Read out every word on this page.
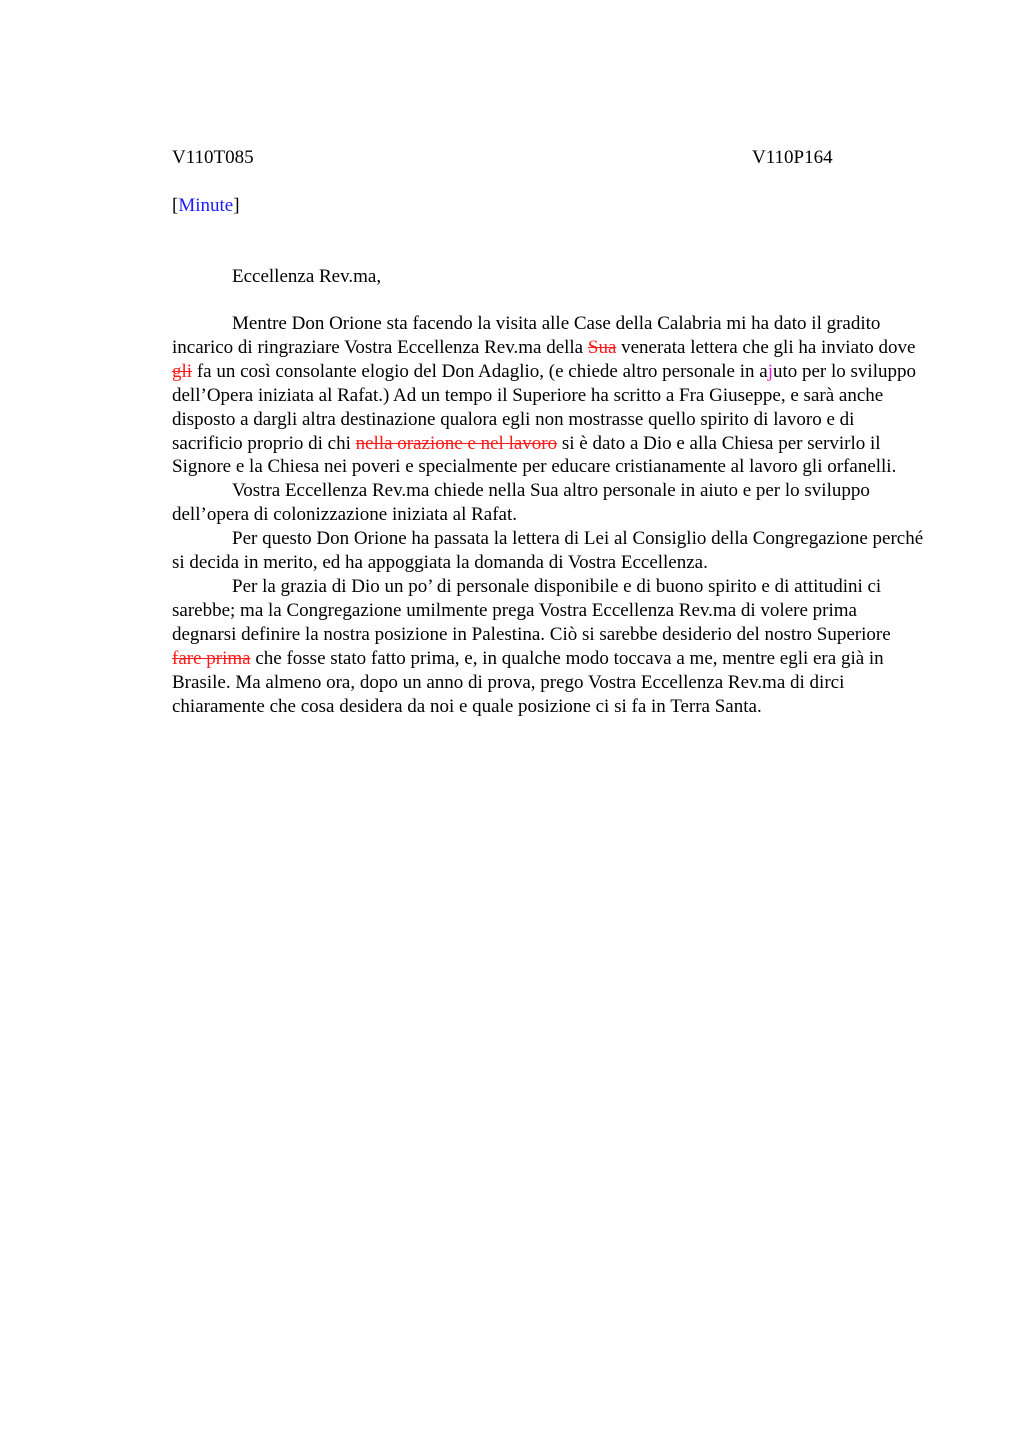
V110T085	V110P164
[Minute]
Eccellenza Rev.ma,

Mentre Don Orione sta facendo la visita alle Case della Calabria mi ha dato il gradito incarico di ringraziare Vostra Eccellenza Rev.ma della Sua venerata lettera che gli ha inviato dove gli fa un così consolante elogio del Don Adaglio, (e chiede altro personale in ajuto per lo sviluppo dell’Opera iniziata al Rafat.) Ad un tempo il Superiore ha scritto a Fra Giuseppe, e sarà anche disposto a dargli altra destinazione qualora egli non mostrasse quello spirito di lavoro e di sacrificio proprio di chi nella orazione e nel lavoro si è dato a Dio e alla Chiesa per servirlo il Signore e la Chiesa nei poveri e specialmente per educare cristianamente al lavoro gli orfanelli.

Vostra Eccellenza Rev.ma chiede nella Sua altro personale in aiuto e per lo sviluppo dell’opera di colonizzazione iniziata al Rafat.

Per questo Don Orione ha passata la lettera di Lei al Consiglio della Congregazione perché si decida in merito, ed ha appoggiata la domanda di Vostra Eccellenza.

Per la grazia di Dio un po’ di personale disponibile e di buono spirito e di attitudini ci sarebbe; ma la Congregazione umilmente prega Vostra Eccellenza Rev.ma di volere prima degnarsi definire la nostra posizione in Palestina. Ciò si sarebbe desiderio del nostro Superiore fare prima che fosse stato fatto prima, e, in qualche modo toccava a me, mentre egli era già in Brasile. Ma almeno ora, dopo un anno di prova, prego Vostra Eccellenza Rev.ma di dirci chiaramente che cosa desidera da noi e quale posizione ci si fa in Terra Santa.
